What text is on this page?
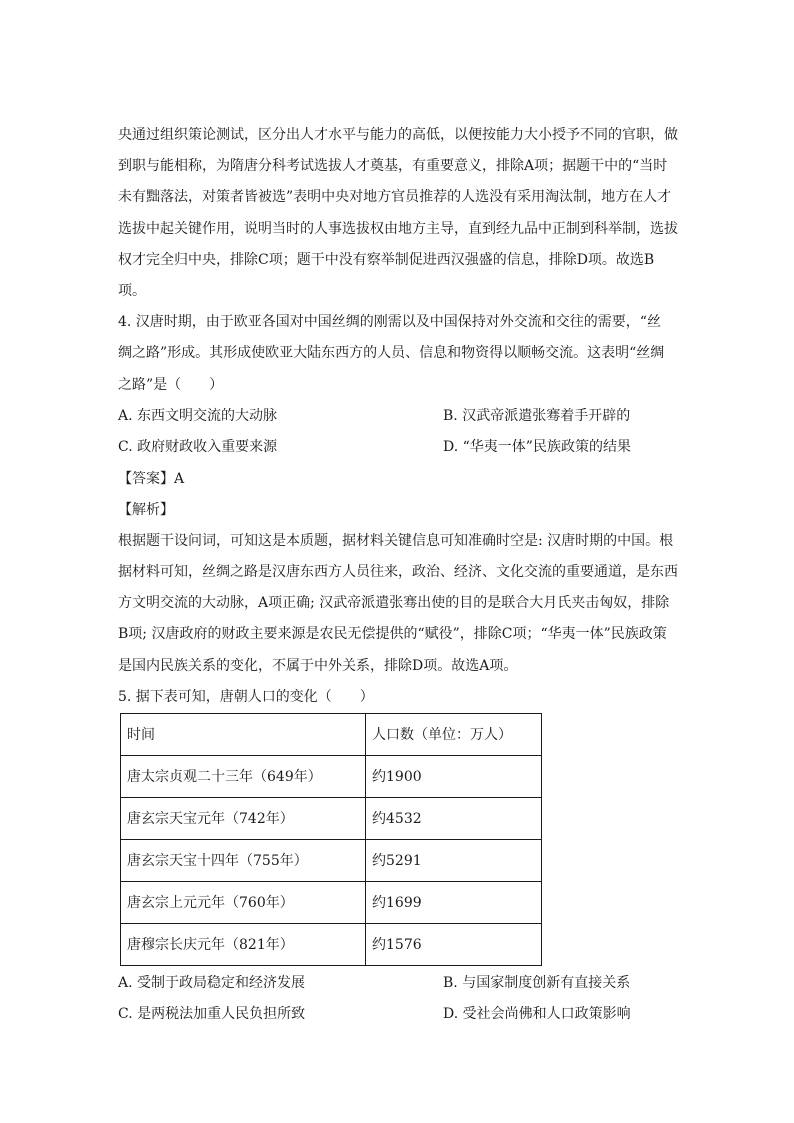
央通过组织策论测试，区分出人才水平与能力的高低，以便按能力大小授予不同的官职，做

到职与能相称，为隋唐分科考试选拔人才奠基，有重要意义，排除A项；据题干中的“当时

未有黜落法，对策者皆被选”表明中央对地方官员推荐的人选没有采用淘汰制，地方在人才

选拔中起关键作用，说明当时的人事选拔权由地方主导，直到经九品中正制到科举制，选拔

权才完全归中央，排除C项；题干中没有察举制促进西汉强盛的信息，排除D项。故选B

项。

4. 汉唐时期，由于欧亚各国对中国丝绸的刚需以及中国保持对外交流和交往的需要，“丝

绸之路”形成。其形成使欧亚大陆东西方的人员、信息和物资得以顺畅交流。这表明“丝绸

之路”是（　　）

A. 东西文明交流的大动脉	B. 汉武帝派遣张骞着手开辟的
C. 政府财政收入重要来源	D. “华夷一体”民族政策的结果

【答案】A

【解析】

根据题干设问词，可知这是本质题，据材料关键信息可知准确时空是: 汉唐时期的中国。根

据材料可知，丝绸之路是汉唐东西方人员往来，政治、经济、文化交流的重要通道，是东西

方文明交流的大动脉，A项正确; 汉武帝派遣张骞出使的目的是联合大月氏夹击匈奴，排除

B项; 汉唐政府的财政主要来源是农民无偿提供的“赋役”，排除C项；“华夷一体”民族政策

是国内民族关系的变化，不属于中外关系，排除D项。故选A项。

5. 据下表可知，唐朝人口的变化（　　）

时间	人口数（单位：万人）
唐太宗贞观二十三年（649年）	约1900
唐玄宗天宝元年（742年）	约4532
唐玄宗天宝十四年（755年）	约5291
唐玄宗上元元年（760年）	约1699
唐穆宗长庆元年（821年）	约1576
A. 受制于政局稳定和经济发展	B. 与国家制度创新有直接关系
C. 是两税法加重人民负担所致	D. 受社会尚佛和人口政策影响
